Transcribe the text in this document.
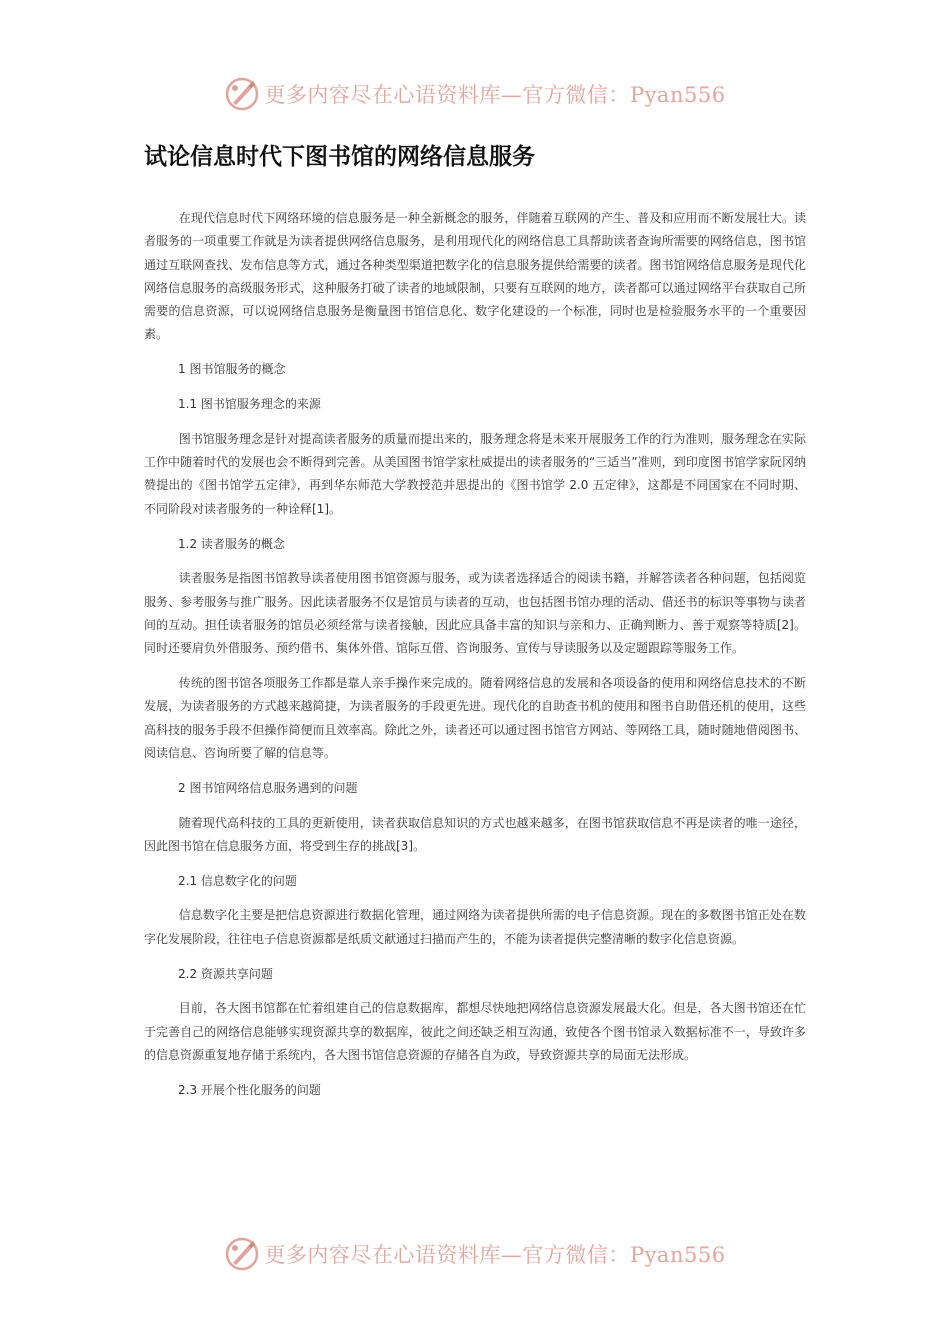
更多内容尽在心语资料库—官方微信：Pyan556
试论信息时代下图书馆的网络信息服务

在现代信息时代下网络环境的信息服务是一种全新概念的服务，伴随着互联网的产生、普及和应用而不断发展壮大。读者服务的一项重要工作就是为读者提供网络信息服务，是利用现代化的网络信息工具帮助读者查询所需要的网络信息，图书馆通过互联网查找、发布信息等方式，通过各种类型渠道把数字化的信息服务提供给需要的读者。图书馆网络信息服务是现代化网络信息服务的高级服务形式，这种服务打破了读者的地域限制，只要有互联网的地方，读者都可以通过网络平台获取自己所需要的信息资源，可以说网络信息服务是衡量图书馆信息化、数字化建设的一个标准，同时也是检验服务水平的一个重要因素。

1 图书馆服务的概念
1.1 图书馆服务理念的来源

图书馆服务理念是针对提高读者服务的质量而提出来的，服务理念将是未来开展服务工作的行为准则，服务理念在实际工作中随着时代的发展也会不断得到完善。从美国图书馆学家杜威提出的读者服务的“三适当”准则，到印度图书馆学家阮冈纳赞提出的《图书馆学五定律》，再到华东师范大学教授范并思提出的《图书馆学 2.0 五定律》，这都是不同国家在不同时期、不同阶段对读者服务的一种诠释[1]。

1.2 读者服务的概念

读者服务是指图书馆教导读者使用图书馆资源与服务，或为读者选择适合的阅读书籍，并解答读者各种问题，包括阅览服务、参考服务与推广服务。因此读者服务不仅是馆员与读者的互动，也包括图书馆办理的活动、借还书的标识等事物与读者间的互动。担任读者服务的馆员必须经常与读者接触，因此应具备丰富的知识与亲和力、正确判断力、善于观察等特质[2]。同时还要肩负外借服务、预约借书、集体外借、馆际互借、咨询服务、宣传与导读服务以及定题跟踪等服务工作。

传统的图书馆各项服务工作都是靠人亲手操作来完成的。随着网络信息的发展和各项设备的使用和网络信息技术的不断发展，为读者服务的方式越来越简捷，为读者服务的手段更先进。现代化的自助查书机的使用和图书自助借还机的使用，这些高科技的服务手段不但操作简便而且效率高。除此之外，读者还可以通过图书馆官方网站、等网络工具，随时随地借阅图书、阅读信息、咨询所要了解的信息等。

2 图书馆网络信息服务遇到的问题

随着现代高科技的工具的更新使用，读者获取信息知识的方式也越来越多，在图书馆获取信息不再是读者的唯一途径，因此图书馆在信息服务方面，将受到生存的挑战[3]。

2.1 信息数字化的问题

信息数字化主要是把信息资源进行数据化管理，通过网络为读者提供所需的电子信息资源。现在的多数图书馆正处在数字化发展阶段，往往电子信息资源都是纸质文献通过扫描而产生的，不能为读者提供完整清晰的数字化信息资源。

2.2 资源共享问题

目前，各大图书馆都在忙着组建自己的信息数据库，都想尽快地把网络信息资源发展最大化。但是，各大图书馆还在忙于完善自己的网络信息能够实现资源共享的数据库，彼此之间还缺乏相互沟通，致使各个图书馆录入数据标准不一，导致许多的信息资源重复地存储于系统内，各大图书馆信息资源的存储各自为政，导致资源共享的局面无法形成。

2.3 开展个性化服务的问题
更多内容尽在心语资料库—官方微信：Pyan556
